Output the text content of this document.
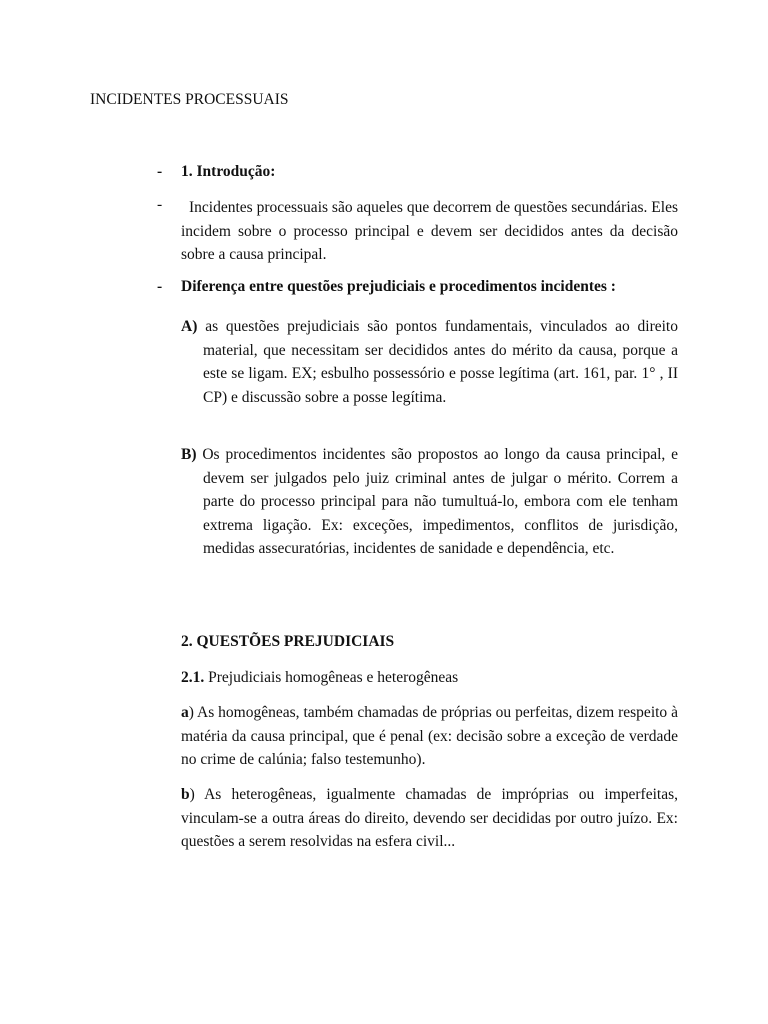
INCIDENTES PROCESSUAIS
- 1. Introdução:
-	Incidentes processuais são aqueles que decorrem de questões secundárias. Eles incidem sobre o processo principal e devem ser decididos antes da decisão sobre a causa principal.
- Diferença entre questões prejudiciais e procedimentos incidentes :
A) as questões prejudiciais são pontos fundamentais, vinculados ao direito material, que necessitam ser decididos antes do mérito da causa, porque a este se ligam. EX; esbulho possessório e posse legítima (art. 161, par. 1° , II CP) e discussão sobre a posse legítima.
B) Os procedimentos incidentes são propostos ao longo da causa principal, e devem ser julgados pelo juiz criminal antes de julgar o mérito. Correm a parte do processo principal para não tumultuá-lo, embora com ele tenham extrema ligação. Ex: exceções, impedimentos, conflitos de jurisdição, medidas assecuratórias, incidentes de sanidade e dependência, etc.
2. QUESTÕES PREJUDICIAIS
2.1. Prejudiciais homogêneas e heterogêneas
a) As homogêneas, também chamadas de próprias ou perfeitas, dizem respeito à matéria da causa principal, que é penal (ex: decisão sobre a exceção de verdade no crime de calúnia; falso testemunho).
b) As heterogêneas, igualmente chamadas de impróprias ou imperfeitas, vinculam-se a outra áreas do direito, devendo ser decididas por outro juízo. Ex: questões a serem resolvidas na esfera civil...
